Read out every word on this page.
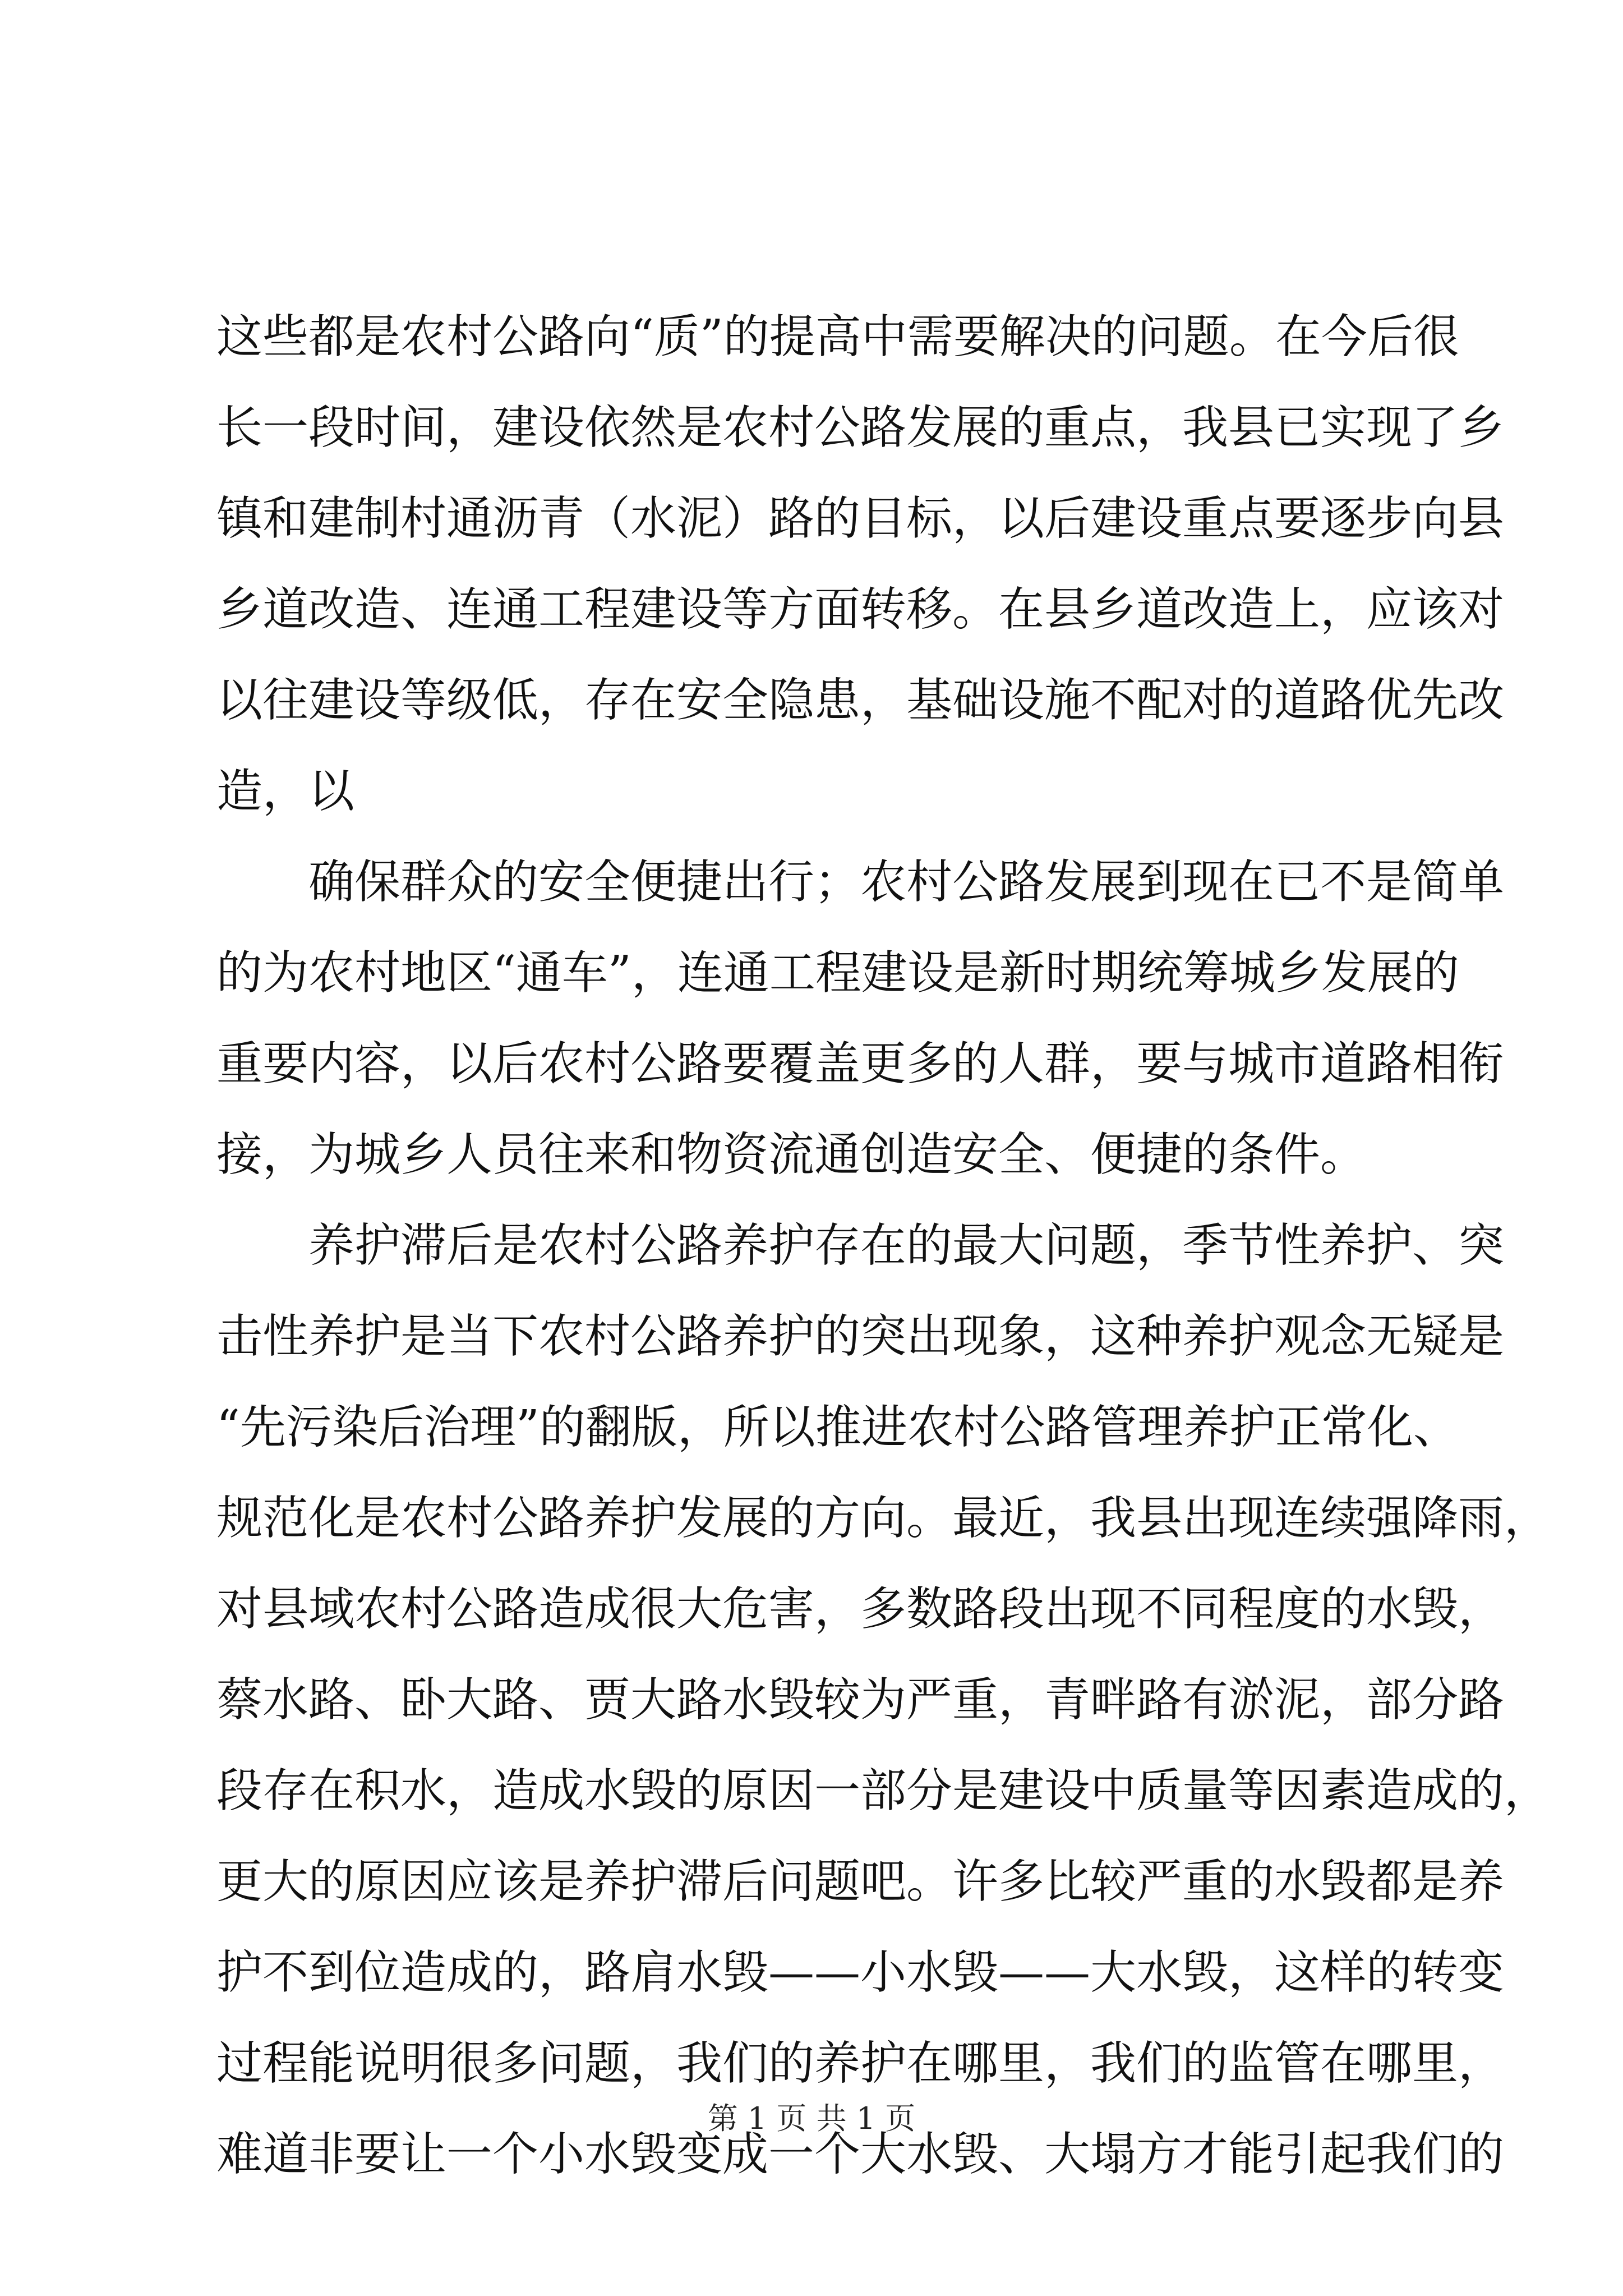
这些都是农村公路向“质”的提高中需要解决的问题。在今后很
长一段时间，建设依然是农村公路发展的重点，我县已实现了乡
镇和建制村通沥青（水泥）路的目标，以后建设重点要逐步向县
乡道改造、连通工程建设等方面转移。在县乡道改造上，应该对
以往建设等级低，存在安全隐患，基础设施不配对的道路优先改
造，以
确保群众的安全便捷出行；农村公路发展到现在已不是简单
的为农村地区“通车”，连通工程建设是新时期统筹城乡发展的
重要内容，以后农村公路要覆盖更多的人群，要与城市道路相衔
接，为城乡人员往来和物资流通创造安全、便捷的条件。
养护滞后是农村公路养护存在的最大问题，季节性养护、突
击性养护是当下农村公路养护的突出现象，这种养护观念无疑是
“先污染后治理”的翻版，所以推进农村公路管理养护正常化、
规范化是农村公路养护发展的方向。最近，我县出现连续强降雨，
对县域农村公路造成很大危害，多数路段出现不同程度的水毁，
蔡水路、卧大路、贾大路水毁较为严重，青畔路有淤泥，部分路
段存在积水，造成水毁的原因一部分是建设中质量等因素造成的，
更大的原因应该是养护滞后问题吧。许多比较严重的水毁都是养
护不到位造成的，路肩水毁——小水毁——大水毁，这样的转变
过程能说明很多问题，我们的养护在哪里，我们的监管在哪里，
难道非要让一个小水毁变成一个大水毁、大塌方才能引起我们的
第 1 页 共 1 页
